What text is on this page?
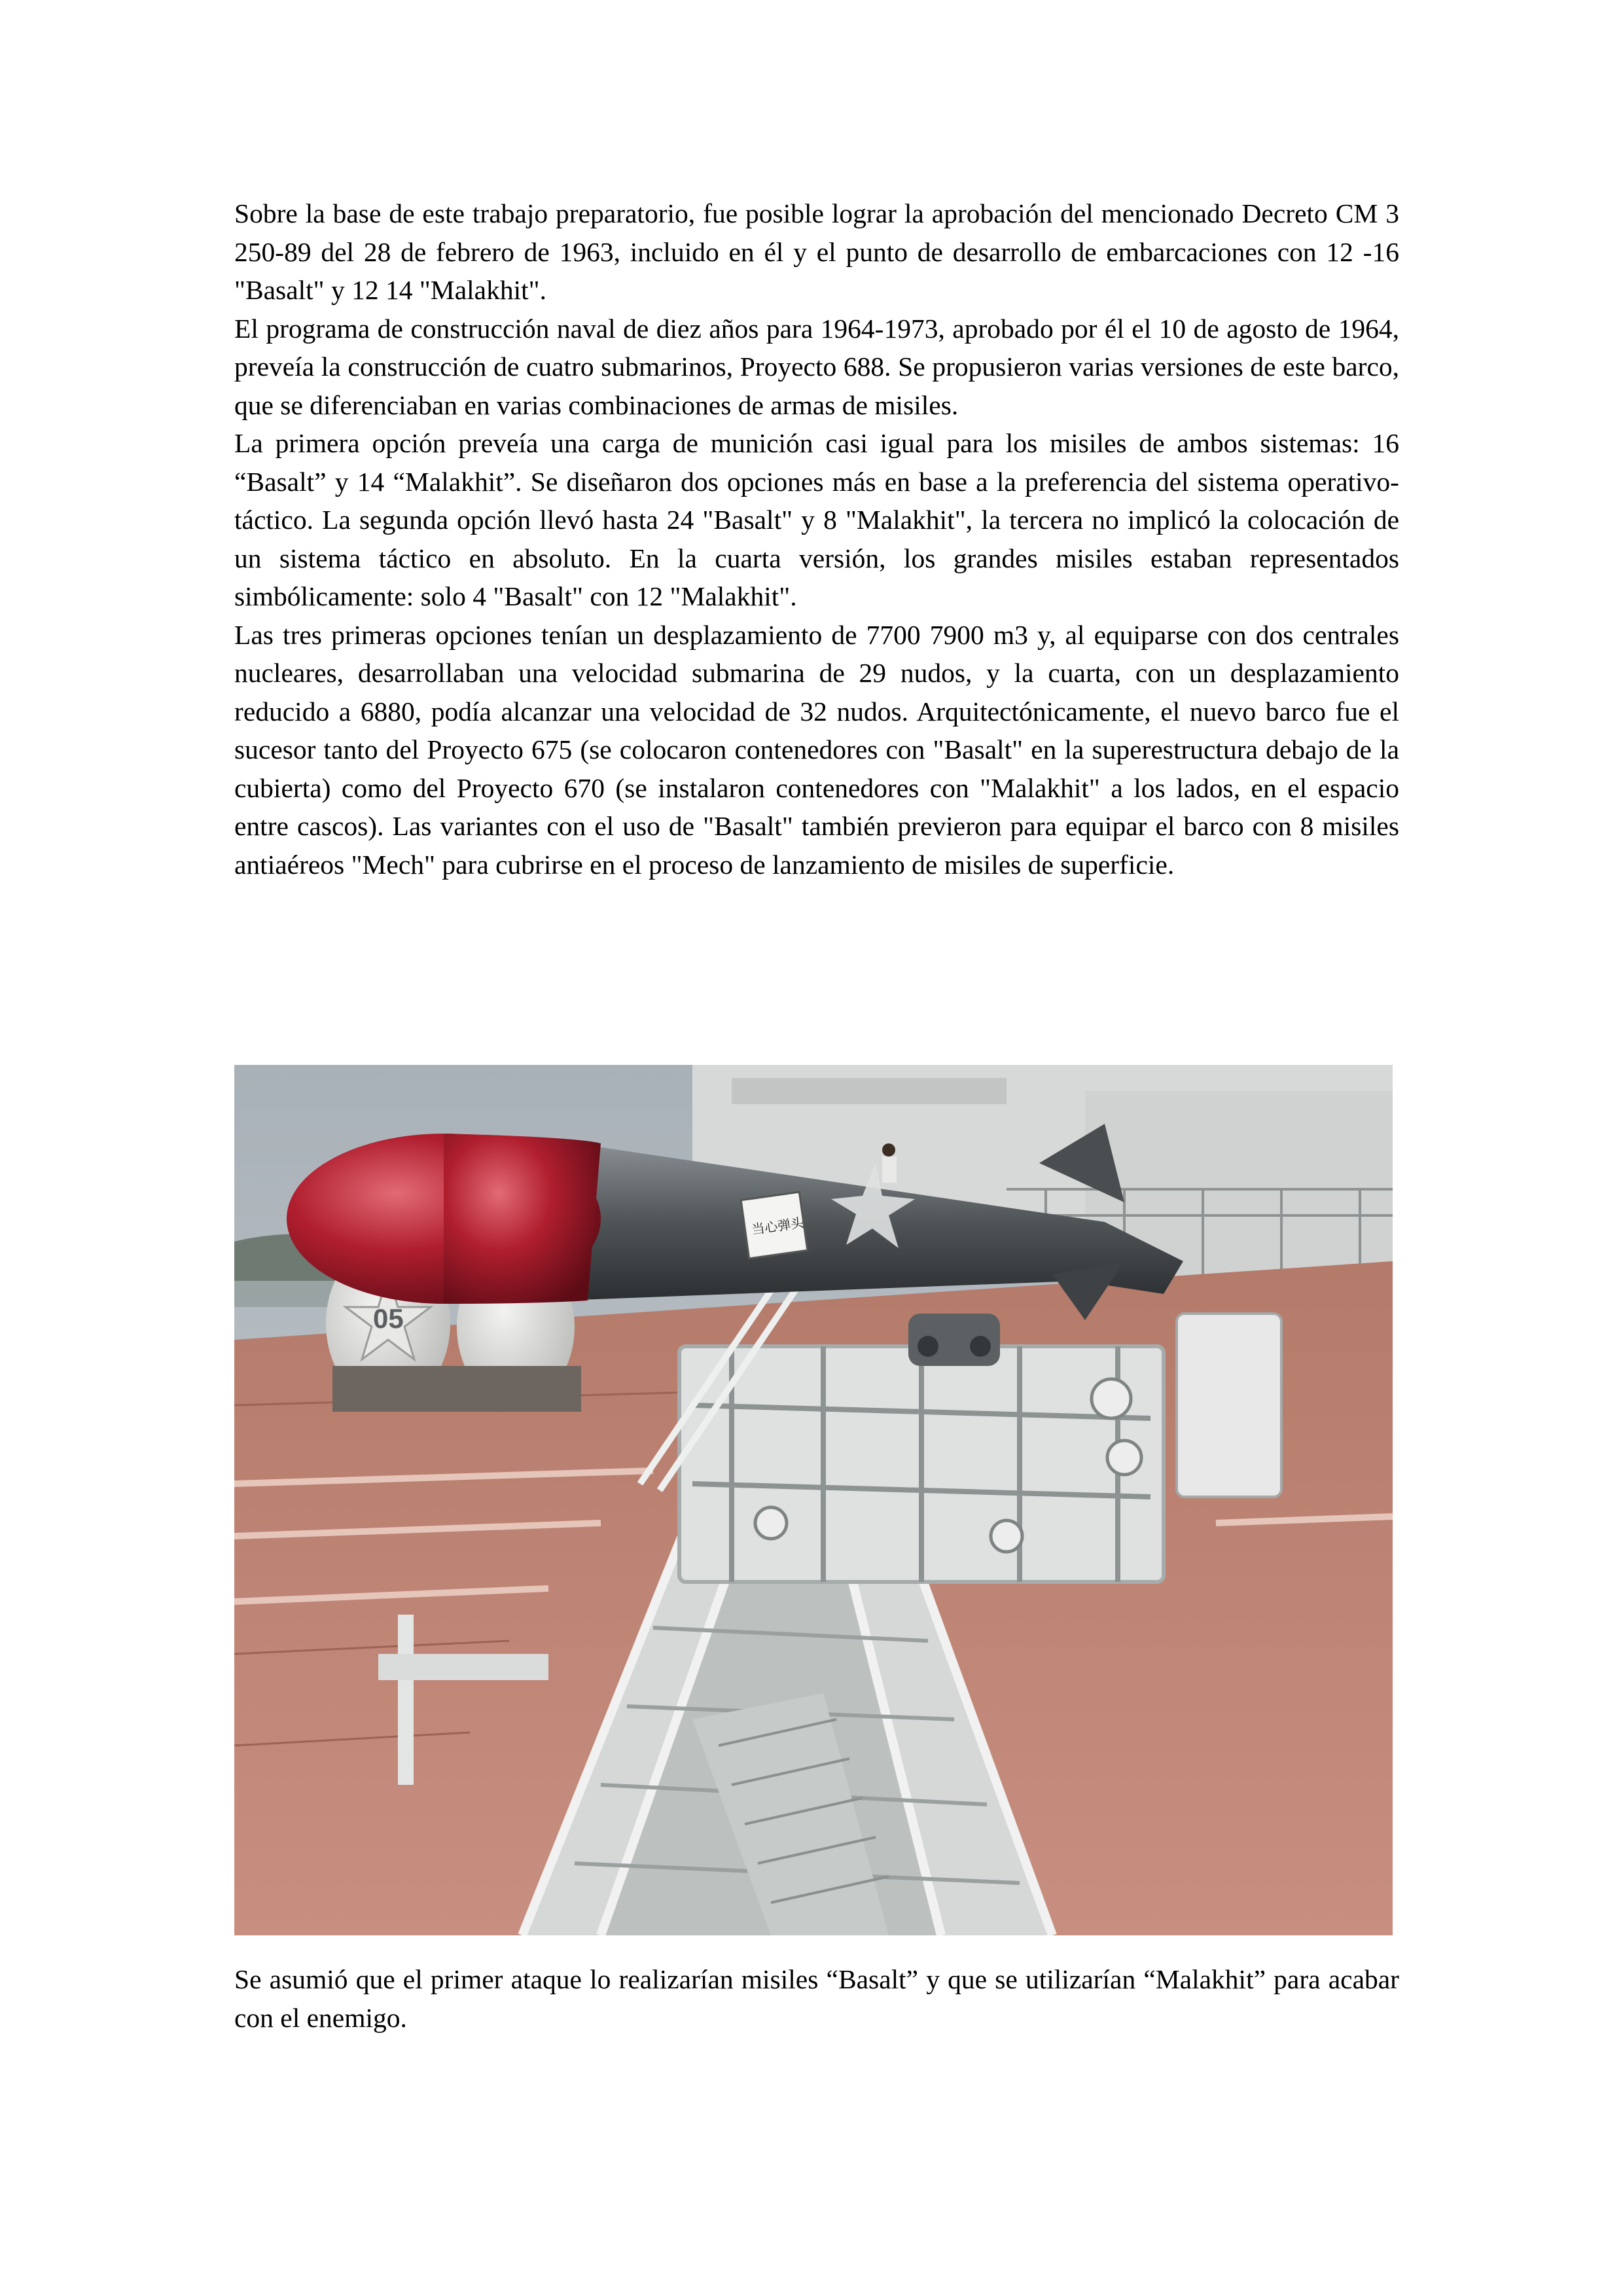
Sobre la base de este trabajo preparatorio, fue posible lograr la aprobación del mencionado Decreto CM 3 250-89 del 28 de febrero de 1963, incluido en él y el punto de desarrollo de embarcaciones con 12 -16 "Basalt" y 12 14 "Malakhit".

El programa de construcción naval de diez años para 1964-1973, aprobado por él el 10 de agosto de 1964, preveía la construcción de cuatro submarinos, Proyecto 688. Se propusieron varias versiones de este barco, que se diferenciaban en varias combinaciones de armas de misiles.

La primera opción preveía una carga de munición casi igual para los misiles de ambos sistemas: 16 “Basalt” y 14 “Malakhit”. Se diseñaron dos opciones más en base a la preferencia del sistema operativo-táctico. La segunda opción llevó hasta 24 "Basalt" y 8 "Malakhit", la tercera no implicó la colocación de un sistema táctico en absoluto. En la cuarta versión, los grandes misiles estaban representados simbólicamente: solo 4 "Basalt" con 12 "Malakhit".

Las tres primeras opciones tenían un desplazamiento de 7700 7900 m3 y, al equiparse con dos centrales nucleares, desarrollaban una velocidad submarina de 29 nudos, y la cuarta, con un desplazamiento reducido a 6880, podía alcanzar una velocidad de 32 nudos. Arquitectónicamente, el nuevo barco fue el sucesor tanto del Proyecto 675 (se colocaron contenedores con "Basalt" en la superestructura debajo de la cubierta) como del Proyecto 670 (se instalaron contenedores con "Malakhit" a los lados, en el espacio entre cascos). Las variantes con el uso de "Basalt" también previeron para equipar el barco con 8 misiles antiaéreos "Mech" para cubrirse en el proceso de lanzamiento de misiles de superficie.

05
当心弹头

Se asumió que el primer ataque lo realizarían misiles “Basalt” y que se utilizarían “Malakhit” para acabar con el enemigo.
